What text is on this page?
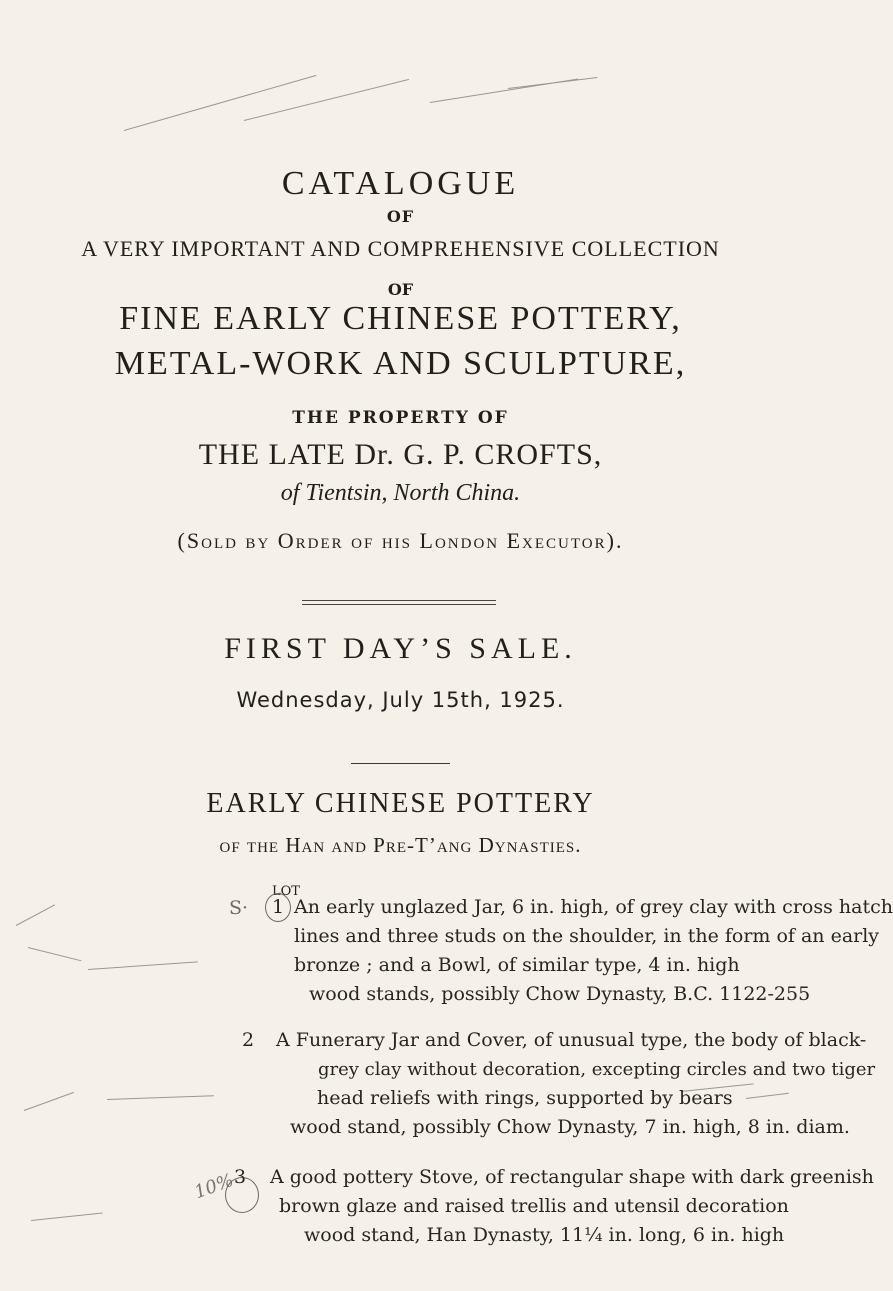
CATALOGUE
OF
A VERY IMPORTANT AND COMPREHENSIVE COLLECTION
OF
FINE EARLY CHINESE POTTERY,
METAL-WORK AND SCULPTURE,
THE PROPERTY OF
THE LATE Dr. G. P. CROFTS,
of Tientsin, North China.
(Sold by Order of his London Executor).
FIRST DAY’S SALE.
Wednesday, July 15th, 1925.
EARLY CHINESE POTTERY
of the Han and Pre-T’ang Dynasties.
LOT
S·
10%
1 An early unglazed Jar, 6 in. high, of grey clay with cross hatch
lines and three studs on the shoulder, in the form of an early
bronze ; and a Bowl, of similar type, 4 in. high
wood stands, possibly Chow Dynasty, B.C. 1122-255
2 A Funerary Jar and Cover, of unusual type, the body of black-
grey clay without decoration, excepting circles and two tiger
head reliefs with rings, supported by bears
wood stand, possibly Chow Dynasty, 7 in. high, 8 in. diam.
3 A good pottery Stove, of rectangular shape with dark greenish
brown glaze and raised trellis and utensil decoration
wood stand, Han Dynasty, 11¼ in. long, 6 in. high
